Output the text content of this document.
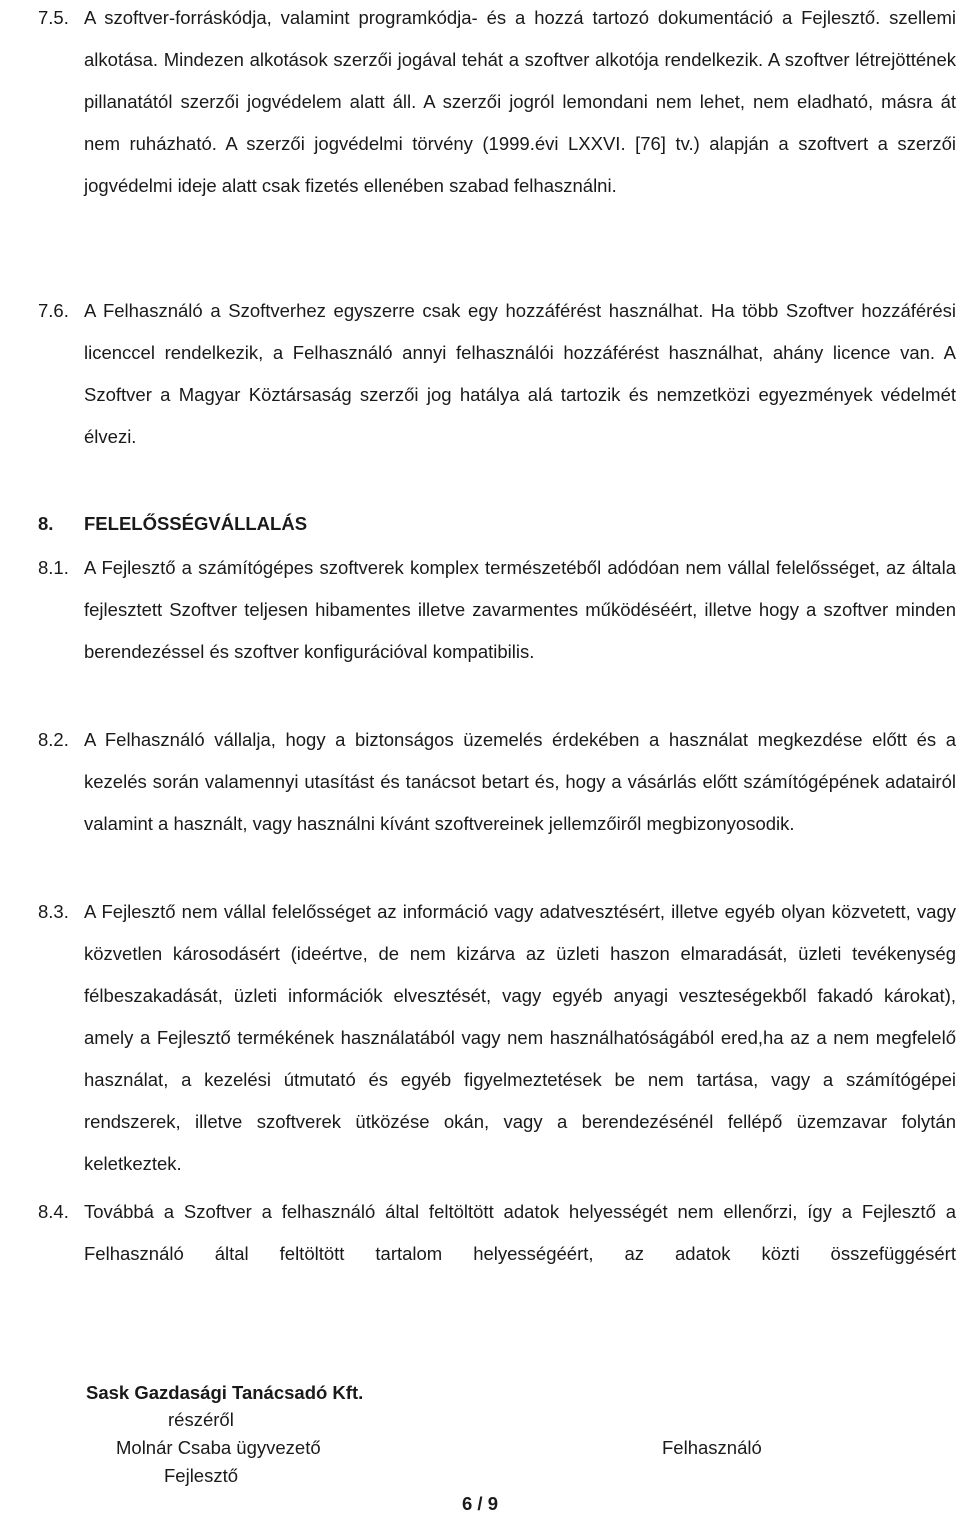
7.5. A szoftver-forráskódja, valamint programkódja- és a hozzá tartozó dokumentáció a Fejlesztő. szellemi alkotása. Mindezen alkotások szerzői jogával tehát a szoftver alkotója rendelkezik. A szoftver létrejöttének pillanatától szerzői jogvédelem alatt áll. A szerzői jogról lemondani nem lehet, nem eladható, másra át nem ruházható. A szerzői jogvédelmi törvény (1999.évi LXXVI. [76] tv.) alapján a szoftvert a szerzői jogvédelmi ideje alatt csak fizetés ellenében szabad felhasználni.
7.6. A Felhasználó a Szoftverhez egyszerre csak egy hozzáférést használhat. Ha több Szoftver hozzáférési licenccel rendelkezik, a Felhasználó annyi felhasználói hozzáférést használhat, ahány licence van. A Szoftver a Magyar Köztársaság szerzői jog hatálya alá tartozik és nemzetközi egyezmények védelmét élvezi.
8. FELELŐSSÉGVÁLLALÁS
8.1. A Fejlesztő a számítógépes szoftverek komplex természetéből adódóan nem vállal felelősséget, az általa fejlesztett Szoftver teljesen hibamentes illetve zavarmentes működéséért, illetve hogy a szoftver minden berendezéssel és szoftver konfigurációval kompatibilis.
8.2. A Felhasználó vállalja, hogy a biztonságos üzemelés érdekében a használat megkezdése előtt és a kezelés során valamennyi utasítást és tanácsot betart és, hogy a vásárlás előtt számítógépének adatairól valamint a használt, vagy használni kívánt szoftvereinek jellemzőiről megbizonyosodik.
8.3. A Fejlesztő nem vállal felelősséget az információ vagy adatvesztésért, illetve egyéb olyan közvetett, vagy közvetlen károsodásért (ideértve, de nem kizárva az üzleti haszon elmaradását, üzleti tevékenység félbeszakadását, üzleti információk elvesztését, vagy egyéb anyagi veszteségekből fakadó károkat), amely a Fejlesztő termékének használatából vagy nem használhatóságából ered,ha az a nem megfelelő használat, a kezelési útmutató és egyéb figyelmeztetések be nem tartása, vagy a számítógépei rendszerek, illetve szoftverek ütközése okán, vagy a berendezésénél fellépő üzemzavar folytán keletkeztek.
8.4. Továbbá a Szoftver a felhasználó által feltöltött adatok helyességét nem ellenőrzi, így a Fejlesztő a Felhasználó által feltöltött tartalom helyességéért, az adatok közti összefüggésért
Sask Gazdasági Tanácsadó Kft.
részéről
Molnár Csaba ügyvezető
Fejlesztő
Felhasználó
6 / 9
